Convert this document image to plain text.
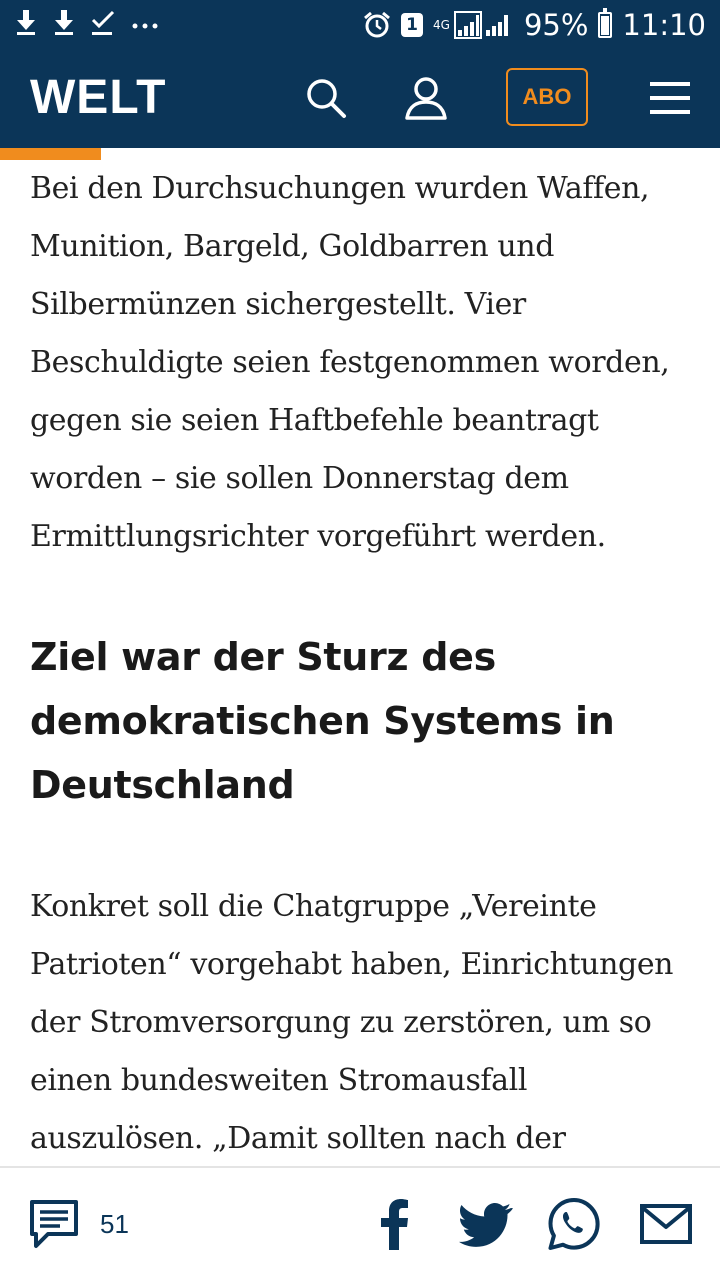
1	4G	95% 11:10
WELT	ABO

Bei den Durchsuchungen wurden Waffen, Munition, Bargeld, Goldbarren und Silbermünzen sichergestellt. Vier Beschuldigte seien festgenommen worden, gegen sie seien Haftbefehle beantragt worden – sie sollen Donnerstag dem Ermittlungsrichter vorgeführt werden.

Ziel war der Sturz des demokratischen Systems in Deutschland

Konkret soll die Chatgruppe „Vereinte Patrioten“ vorgehabt haben, Einrichtungen der Stromversorgung zu zerstören, um so einen bundesweiten Stromausfall auszulösen. „Damit sollten nach der

51
